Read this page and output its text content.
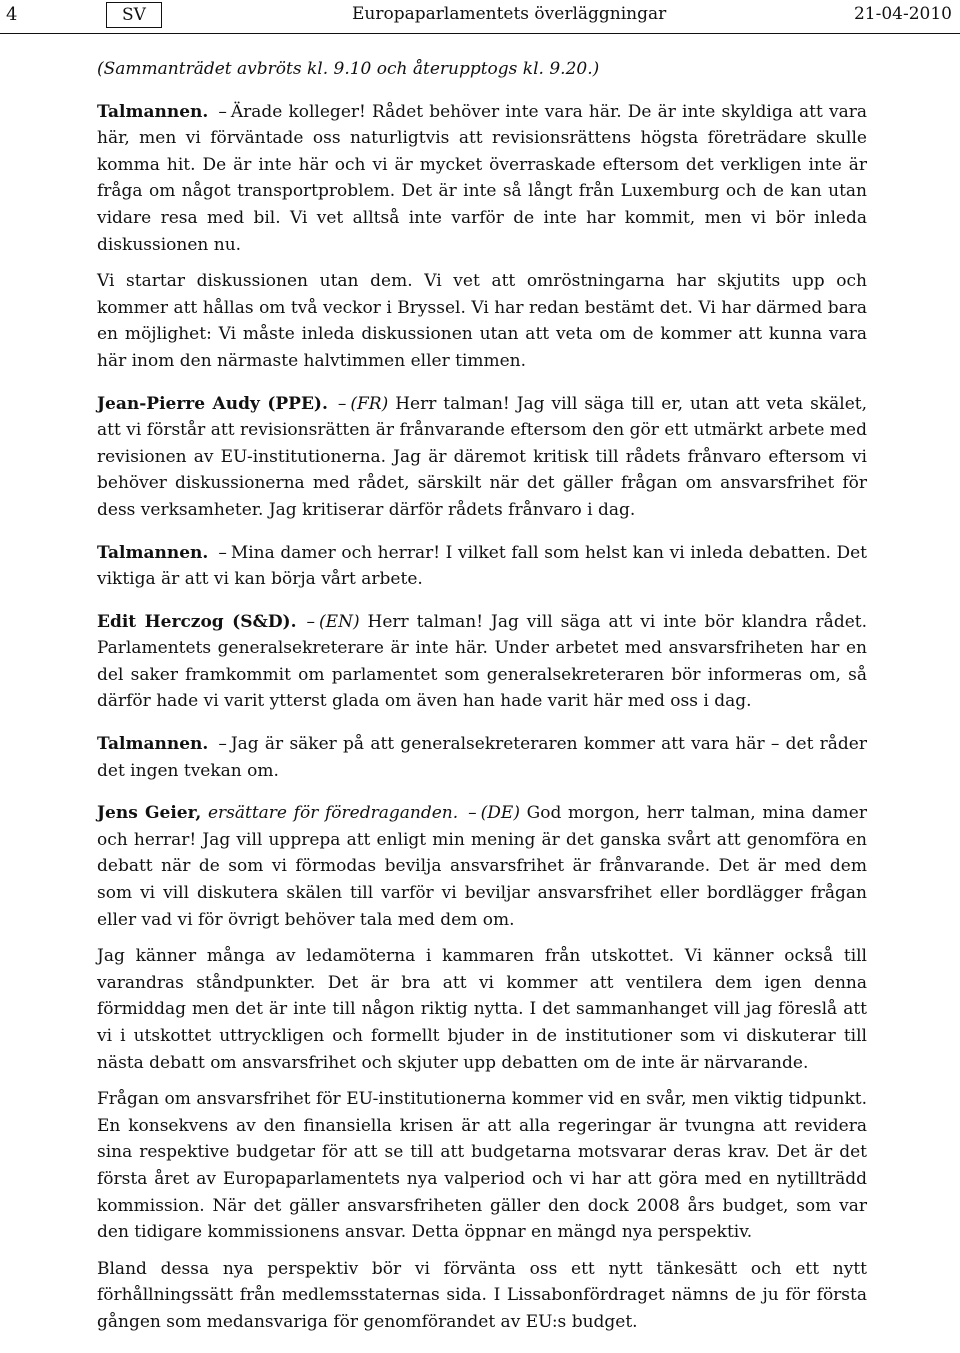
4	SV	Europaparlamentets överläggningar	21-04-2010

(Sammanträdet avbröts kl. 9.10 och återupptogs kl. 9.20.)

Talmannen. – Ärade kolleger! Rådet behöver inte vara här. De är inte skyldiga att vara här, men vi förväntade oss naturligtvis att revisionsrättens högsta företrädare skulle komma hit. De är inte här och vi är mycket överraskade eftersom det verkligen inte är fråga om något transportproblem. Det är inte så långt från Luxemburg och de kan utan vidare resa med bil. Vi vet alltså inte varför de inte har kommit, men vi bör inleda diskussionen nu.

Vi startar diskussionen utan dem. Vi vet att omröstningarna har skjutits upp och kommer att hållas om två veckor i Bryssel. Vi har redan bestämt det. Vi har därmed bara en möjlighet: Vi måste inleda diskussionen utan att veta om de kommer att kunna vara här inom den närmaste halvtimmen eller timmen.

Jean-Pierre Audy (PPE). – (FR) Herr talman! Jag vill säga till er, utan att veta skälet, att vi förstår att revisionsrätten är frånvarande eftersom den gör ett utmärkt arbete med revisionen av EU-institutionerna. Jag är däremot kritisk till rådets frånvaro eftersom vi behöver diskussionerna med rådet, särskilt när det gäller frågan om ansvarsfrihet för dess verksamheter. Jag kritiserar därför rådets frånvaro i dag.

Talmannen. – Mina damer och herrar! I vilket fall som helst kan vi inleda debatten. Det viktiga är att vi kan börja vårt arbete.

Edit Herczog (S&D). – (EN) Herr talman! Jag vill säga att vi inte bör klandra rådet. Parlamentets generalsekreterare är inte här. Under arbetet med ansvarsfriheten har en del saker framkommit om parlamentet som generalsekreteraren bör informeras om, så därför hade vi varit ytterst glada om även han hade varit här med oss i dag.

Talmannen. – Jag är säker på att generalsekreteraren kommer att vara här – det råder det ingen tvekan om.

Jens Geier, ersättare för föredraganden. – (DE) God morgon, herr talman, mina damer och herrar! Jag vill upprepa att enligt min mening är det ganska svårt att genomföra en debatt när de som vi förmodas bevilja ansvarsfrihet är frånvarande. Det är med dem som vi vill diskutera skälen till varför vi beviljar ansvarsfrihet eller bordlägger frågan eller vad vi för övrigt behöver tala med dem om.

Jag känner många av ledamöterna i kammaren från utskottet. Vi känner också till varandras ståndpunkter. Det är bra att vi kommer att ventilera dem igen denna förmiddag men det är inte till någon riktig nytta. I det sammanhanget vill jag föreslå att vi i utskottet uttryckligen och formellt bjuder in de institutioner som vi diskuterar till nästa debatt om ansvarsfrihet och skjuter upp debatten om de inte är närvarande.

Frågan om ansvarsfrihet för EU-institutionerna kommer vid en svår, men viktig tidpunkt. En konsekvens av den finansiella krisen är att alla regeringar är tvungna att revidera sina respektive budgetar för att se till att budgetarna motsvarar deras krav. Det är det första året av Europaparlamentets nya valperiod och vi har att göra med en nytillträdd kommission. När det gäller ansvarsfriheten gäller den dock 2008 års budget, som var den tidigare kommissionens ansvar. Detta öppnar en mängd nya perspektiv.

Bland dessa nya perspektiv bör vi förvänta oss ett nytt tänkesätt och ett nytt förhållningssätt från medlemsstaternas sida. I Lissabonfördraget nämns de ju för första gången som medansvariga för genomförandet av EU:s budget.
